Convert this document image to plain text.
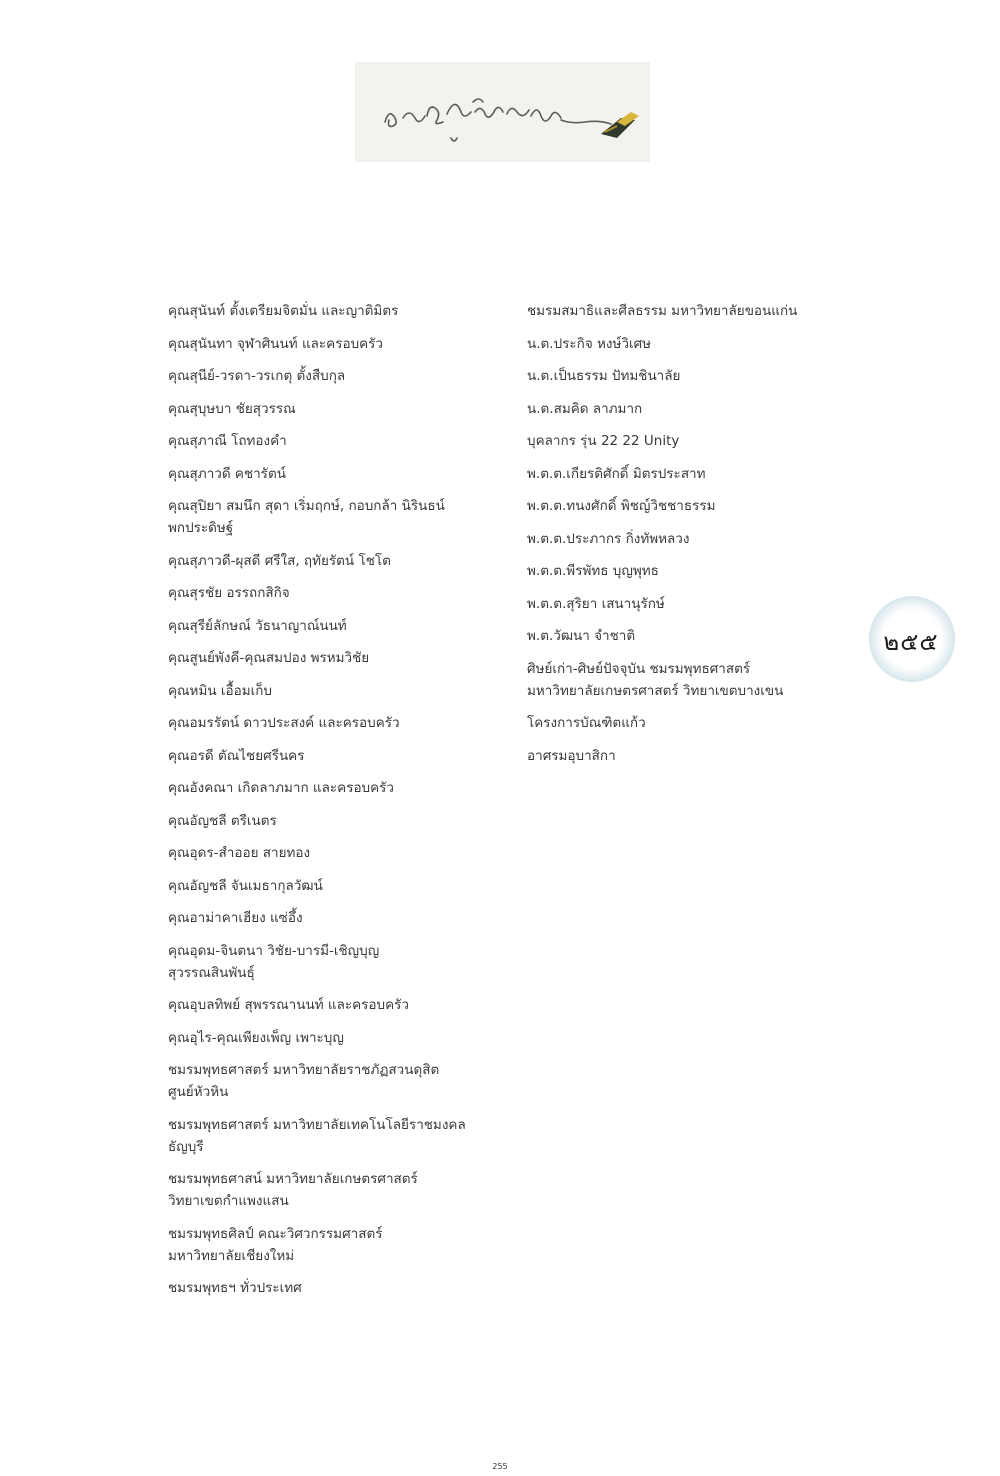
คุณสุนันท์ ตั้งเตรียมจิตมั่น และญาติมิตร
คุณสุนันทา จุฬาศินนท์ และครอบครัว
คุณสุนีย์-วรดา-วรเกตุ ตั้งสืบกุล
คุณสุบุษบา ชัยสุวรรณ
คุณสุภาณี โถทองคำ
คุณสุภาวดี คชารัตน์
คุณสุปิยา สมนึก สุดา เริ่มฤกษ์, กอบกล้า นิรินธน์
พกประดิษฐ์
คุณสุภาวดี-ผุสดี ศรีใส, ฤทัยรัตน์ โชโต
คุณสุรชัย อรรถกสิกิจ
คุณสุรีย์ลักษณ์ วัธนาญาณ์นนท์
คุณสูนย์พังคี-คุณสมปอง พรหมวิชัย
คุณหมิน เอื้อมเก็บ
คุณอมรรัตน์ ดาวประสงค์ และครอบครัว
คุณอรดี ตัณไชยศรีนคร
คุณอังคณา เกิดลาภมาก และครอบครัว
คุณอัญชลี ตรีเนตร
คุณอุดร-สำออย สายทอง
คุณอัญชลี จันเมธากุลวัฒน์
คุณอาม่าคาเฮียง แซ่อึ้ง
คุณอุดม-จินตนา วิชัย-บารมี-เชิญบุญ
สุวรรณสินพันธุ์
คุณอุบลทิพย์ สุพรรณานนท์ และครอบครัว
คุณอุไร-คุณเพียงเพ็ญ เพาะบุญ
ชมรมพุทธศาสตร์ มหาวิทยาลัยราชภัฏสวนดุสิต
ศูนย์หัวหิน
ชมรมพุทธศาสตร์ มหาวิทยาลัยเทคโนโลยีราชมงคล
ธัญบุรี
ชมรมพุทธศาสน์ มหาวิทยาลัยเกษตรศาสตร์
วิทยาเขตกำแพงแสน
ชมรมพุทธศิลป์ คณะวิศวกรรมศาสตร์
มหาวิทยาลัยเชียงใหม่
ชมรมพุทธฯ ทั่วประเทศ
ชมรมสมาธิและศีลธรรม มหาวิทยาลัยขอนแก่น
น.ต.ประกิจ หงษ์วิเศษ
น.ต.เป็นธรรม ปัทมชินาลัย
น.ต.สมคิด ลาภมาก
บุคลากร รุ่น 22 22 Unity
พ.ต.ต.เกียรติศักดิ์ มิตรประสาท
พ.ต.ต.ทนงศักดิ์ พิชญ์วิชชาธรรม
พ.ต.ต.ประภากร กิ่งทัพหลวง
พ.ต.ต.พีรพัทธ บุญพุทธ
พ.ต.ต.สุริยา เสนานุรักษ์
พ.ต.วัฒนา จำชาติ
ศิษย์เก่า-ศิษย์ปัจจุบัน ชมรมพุทธศาสตร์
มหาวิทยาลัยเกษตรศาสตร์ วิทยาเขตบางเขน
โครงการบัณฑิตแก้ว
อาศรมอุบาสิกา
๒๕๕
255
